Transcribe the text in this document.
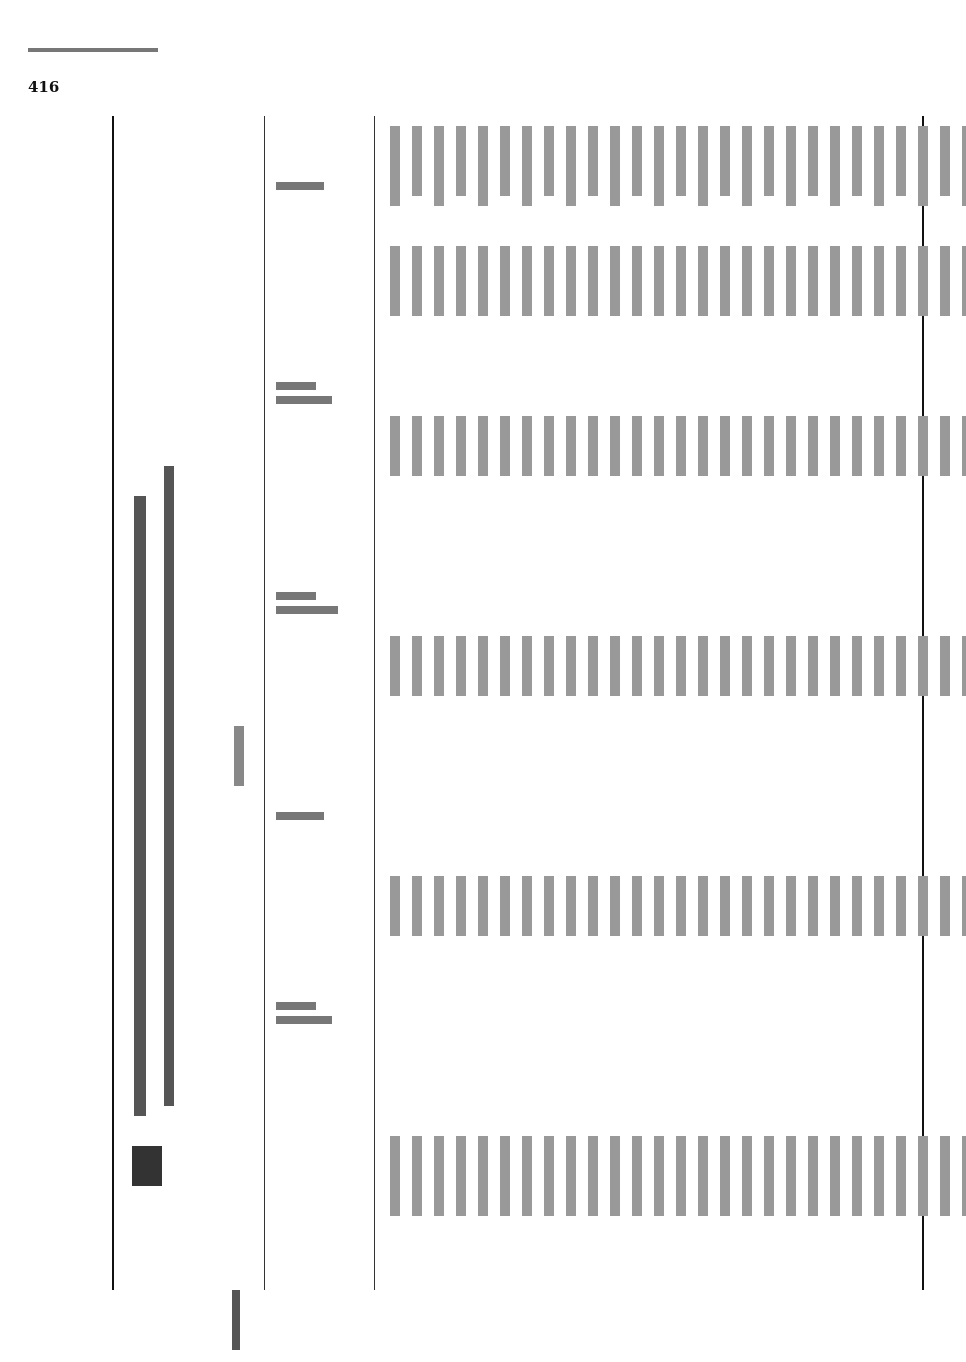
416
